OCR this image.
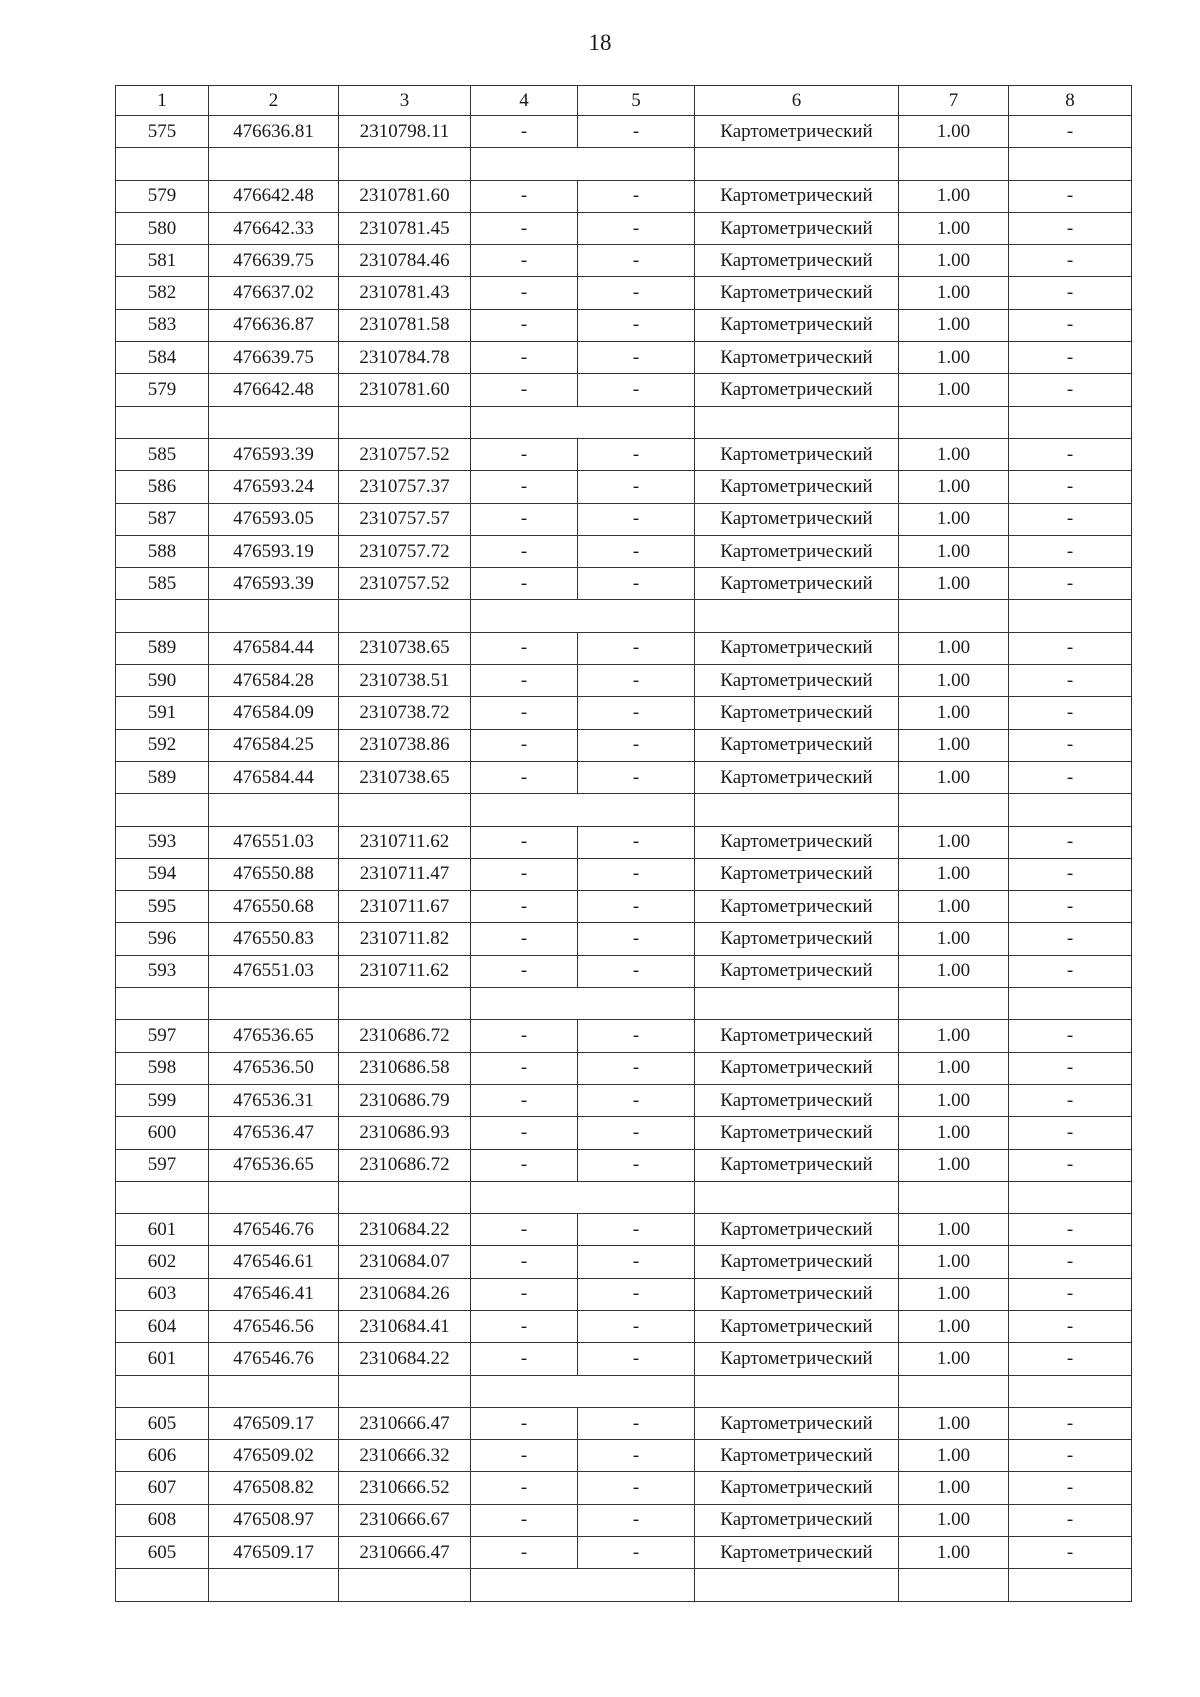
18
1	2	3	4	5	6	7	8
575	476636.81	2310798.11	-	-	Картометрический	1.00	-

579	476642.48	2310781.60	-	-	Картометрический	1.00	-
580	476642.33	2310781.45	-	-	Картометрический	1.00	-
581	476639.75	2310784.46	-	-	Картометрический	1.00	-
582	476637.02	2310781.43	-	-	Картометрический	1.00	-
583	476636.87	2310781.58	-	-	Картометрический	1.00	-
584	476639.75	2310784.78	-	-	Картометрический	1.00	-
579	476642.48	2310781.60	-	-	Картометрический	1.00	-

585	476593.39	2310757.52	-	-	Картометрический	1.00	-
586	476593.24	2310757.37	-	-	Картометрический	1.00	-
587	476593.05	2310757.57	-	-	Картометрический	1.00	-
588	476593.19	2310757.72	-	-	Картометрический	1.00	-
585	476593.39	2310757.52	-	-	Картометрический	1.00	-

589	476584.44	2310738.65	-	-	Картометрический	1.00	-
590	476584.28	2310738.51	-	-	Картометрический	1.00	-
591	476584.09	2310738.72	-	-	Картометрический	1.00	-
592	476584.25	2310738.86	-	-	Картометрический	1.00	-
589	476584.44	2310738.65	-	-	Картометрический	1.00	-

593	476551.03	2310711.62	-	-	Картометрический	1.00	-
594	476550.88	2310711.47	-	-	Картометрический	1.00	-
595	476550.68	2310711.67	-	-	Картометрический	1.00	-
596	476550.83	2310711.82	-	-	Картометрический	1.00	-
593	476551.03	2310711.62	-	-	Картометрический	1.00	-

597	476536.65	2310686.72	-	-	Картометрический	1.00	-
598	476536.50	2310686.58	-	-	Картометрический	1.00	-
599	476536.31	2310686.79	-	-	Картометрический	1.00	-
600	476536.47	2310686.93	-	-	Картометрический	1.00	-
597	476536.65	2310686.72	-	-	Картометрический	1.00	-

601	476546.76	2310684.22	-	-	Картометрический	1.00	-
602	476546.61	2310684.07	-	-	Картометрический	1.00	-
603	476546.41	2310684.26	-	-	Картометрический	1.00	-
604	476546.56	2310684.41	-	-	Картометрический	1.00	-
601	476546.76	2310684.22	-	-	Картометрический	1.00	-

605	476509.17	2310666.47	-	-	Картометрический	1.00	-
606	476509.02	2310666.32	-	-	Картометрический	1.00	-
607	476508.82	2310666.52	-	-	Картометрический	1.00	-
608	476508.97	2310666.67	-	-	Картометрический	1.00	-
605	476509.17	2310666.47	-	-	Картометрический	1.00	-
